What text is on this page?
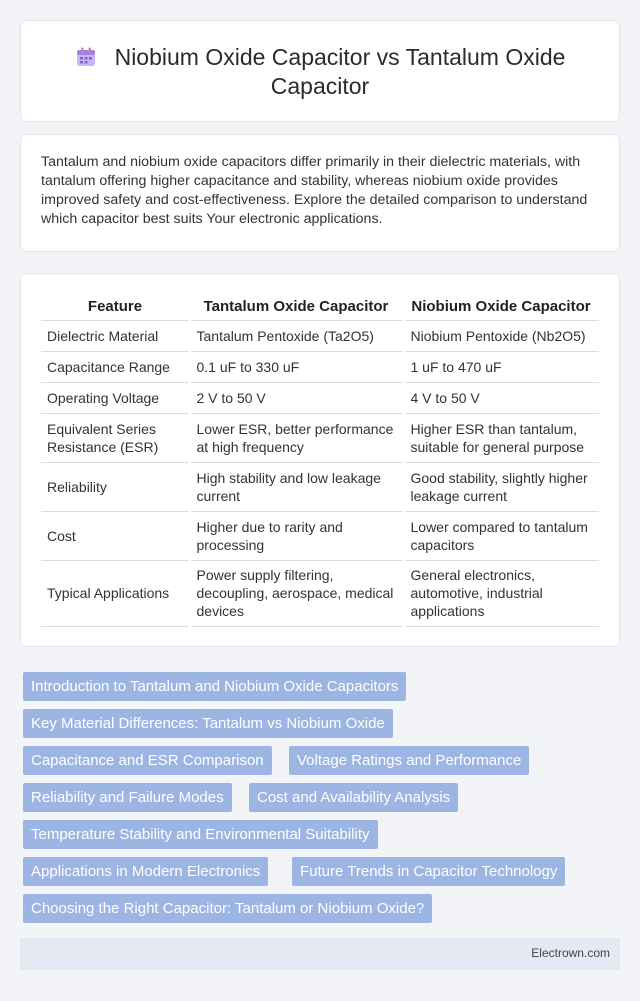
Niobium Oxide Capacitor vs Tantalum Oxide Capacitor

Tantalum and niobium oxide capacitors differ primarily in their dielectric materials, with tantalum offering higher capacitance and stability, whereas niobium oxide provides improved safety and cost-effectiveness. Explore the detailed comparison to understand which capacitor best suits Your electronic applications.

Feature	Tantalum Oxide Capacitor	Niobium Oxide Capacitor
Dielectric Material	Tantalum Pentoxide (Ta2O5)	Niobium Pentoxide (Nb2O5)
Capacitance Range	0.1 uF to 330 uF	1 uF to 470 uF
Operating Voltage	2 V to 50 V	4 V to 50 V
Equivalent Series Resistance (ESR)	Lower ESR, better performance at high frequency	Higher ESR than tantalum, suitable for general purpose
Reliability	High stability and low leakage current	Good stability, slightly higher leakage current
Cost	Higher due to rarity and processing	Lower compared to tantalum capacitors
Typical Applications	Power supply filtering, decoupling, aerospace, medical devices	General electronics, automotive, industrial applications
Introduction to Tantalum and Niobium Oxide Capacitors
Key Material Differences: Tantalum vs Niobium Oxide
Capacitance and ESR Comparison	Voltage Ratings and Performance
Reliability and Failure Modes	Cost and Availability Analysis
Temperature Stability and Environmental Suitability
Applications in Modern Electronics	Future Trends in Capacitor Technology
Choosing the Right Capacitor: Tantalum or Niobium Oxide?
Electrown.com
